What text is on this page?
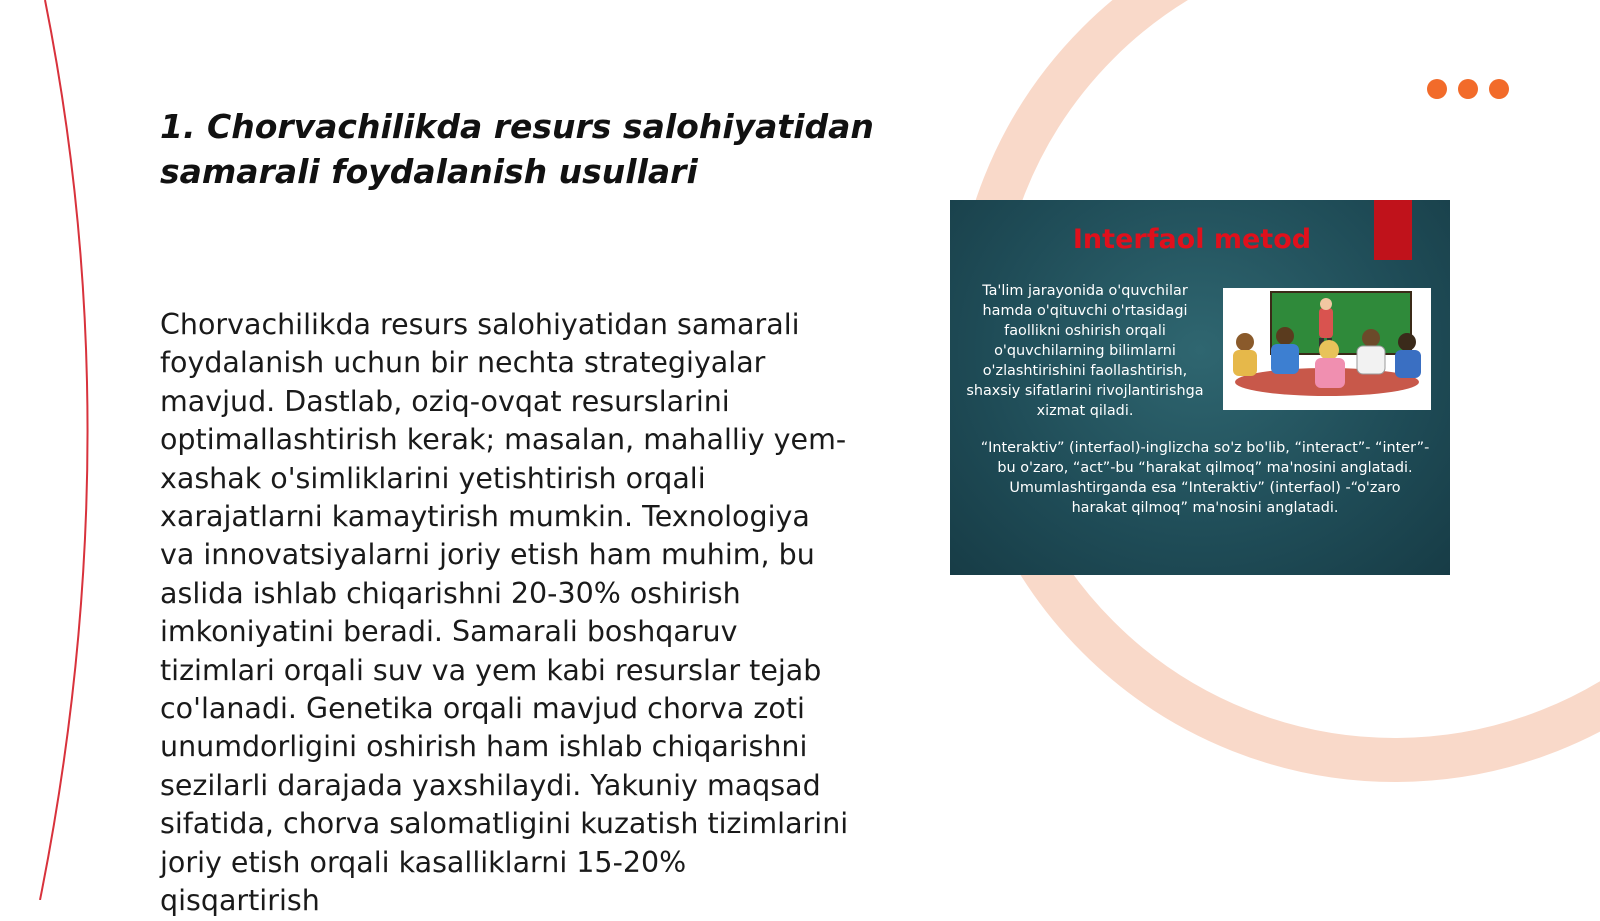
1. Chorvachilikda resurs salohiyatidan samarali foydalanish usullari

Chorvachilikda resurs salohiyatidan samarali foydalanish uchun bir nechta strategiyalar mavjud. Dastlab, oziq-ovqat resurslarini optimallashtirish kerak; masalan, mahalliy yem-xashak o'simliklarini yetishtirish orqali xarajatlarni kamaytirish mumkin. Texnologiya va innovatsiyalarni joriy etish ham muhim, bu aslida ishlab chiqarishni 20-30% oshirish imkoniyatini beradi. Samarali boshqaruv tizimlari orqali suv va yem kabi resurslar tejab co'lanadi. Genetika orqali mavjud chorva zoti unumdorligini oshirish ham ishlab chiqarishni sezilarli darajada yaxshilaydi. Yakuniy maqsad sifatida, chorva salomatligini kuzatish tizimlarini joriy etish orqali kasalliklarni 15-20% qisqartirish

Interfaol metod
Ta'lim jarayonida o'quvchilar hamda o'qituvchi o'rtasidagi faollikni oshirish orqali o'quvchilarning bilimlarni o'zlashtirishini faollashtirish, shaxsiy sifatlarini rivojlantirishga xizmat qiladi.
“Interaktiv” (interfaol)-inglizcha so'z bo'lib, “interact”- “inter”-bu o'zaro, “act”-bu “harakat qilmoq” ma'nosini anglatadi. Umumlashtirganda esa “Interaktiv” (interfaol) -“o'zaro harakat qilmoq” ma'nosini anglatadi.
